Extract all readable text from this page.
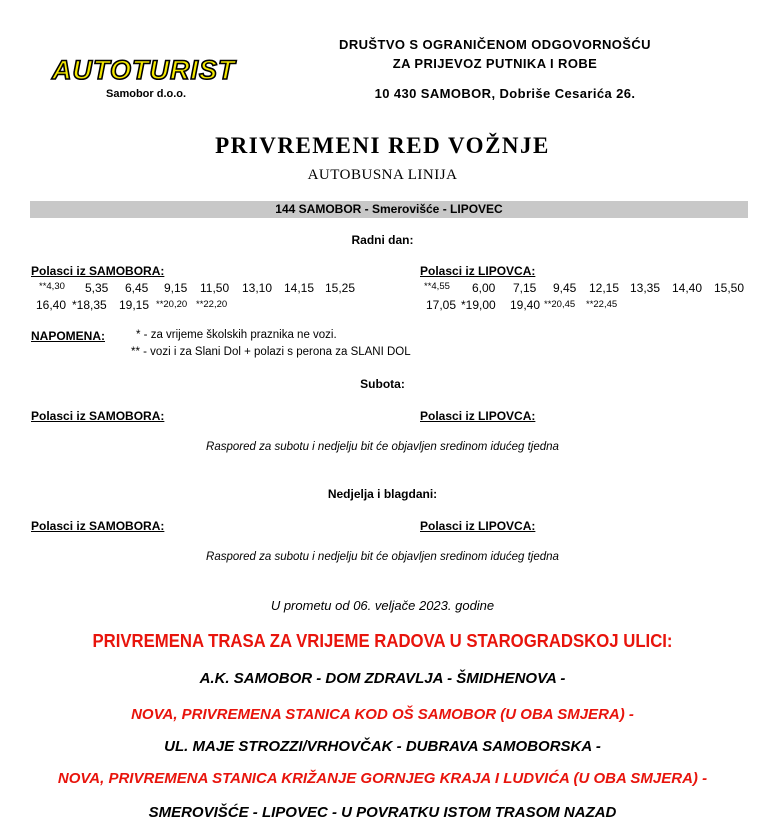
AUTOTURIST
Samobor d.o.o.
DRUŠTVO S OGRANIČENOM ODGOVORNOŠĆU
ZA PRIJEVOZ PUTNIKA I ROBE
10 430 SAMOBOR, Dobriše Cesarića 26.
PRIVREMENI RED VOŽNJE
AUTOBUSNA LINIJA
144 SAMOBOR - Smerovišće - LIPOVEC
Radni dan:
Polasci iz SAMOBORA:	Polasci iz LIPOVCA:
**4,30 5,35 6,45 9,15 11,50 13,10 14,15 15,25
16,40 *18,35 19,15 **20,20 **22,20
**4,55 6,00 7,15 9,45 12,15 13,35 14,40 15,50
17,05 *19,00 19,40 **20,45 **22,45
NAPOMENA:	* - za vrijeme školskih praznika ne vozi.
** - vozi i za Slani Dol + polazi s perona za SLANI DOL
Subota:
Polasci iz SAMOBORA:	Polasci iz LIPOVCA:
Raspored za subotu i nedjelju bit će objavljen sredinom idućeg tjedna
Nedjelja i blagdani:
Polasci iz SAMOBORA:	Polasci iz LIPOVCA:
Raspored za subotu i nedjelju bit će objavljen sredinom idućeg tjedna
U prometu od 06. veljače 2023. godine
PRIVREMENA TRASA ZA VRIJEME RADOVA U STAROGRADSKOJ ULICI:
A.K. SAMOBOR - DOM ZDRAVLJA - ŠMIDHENOVA -
NOVA, PRIVREMENA STANICA KOD OŠ SAMOBOR (U OBA SMJERA) -
UL. MAJE STROZZI/VRHOVČAK - DUBRAVA SAMOBORSKA -
NOVA, PRIVREMENA STANICA KRIŽANJE GORNJEG KRAJA I LUDVIĆA (U OBA SMJERA) -
SMEROVIŠĆE - LIPOVEC - U POVRATKU ISTOM TRASOM NAZAD
